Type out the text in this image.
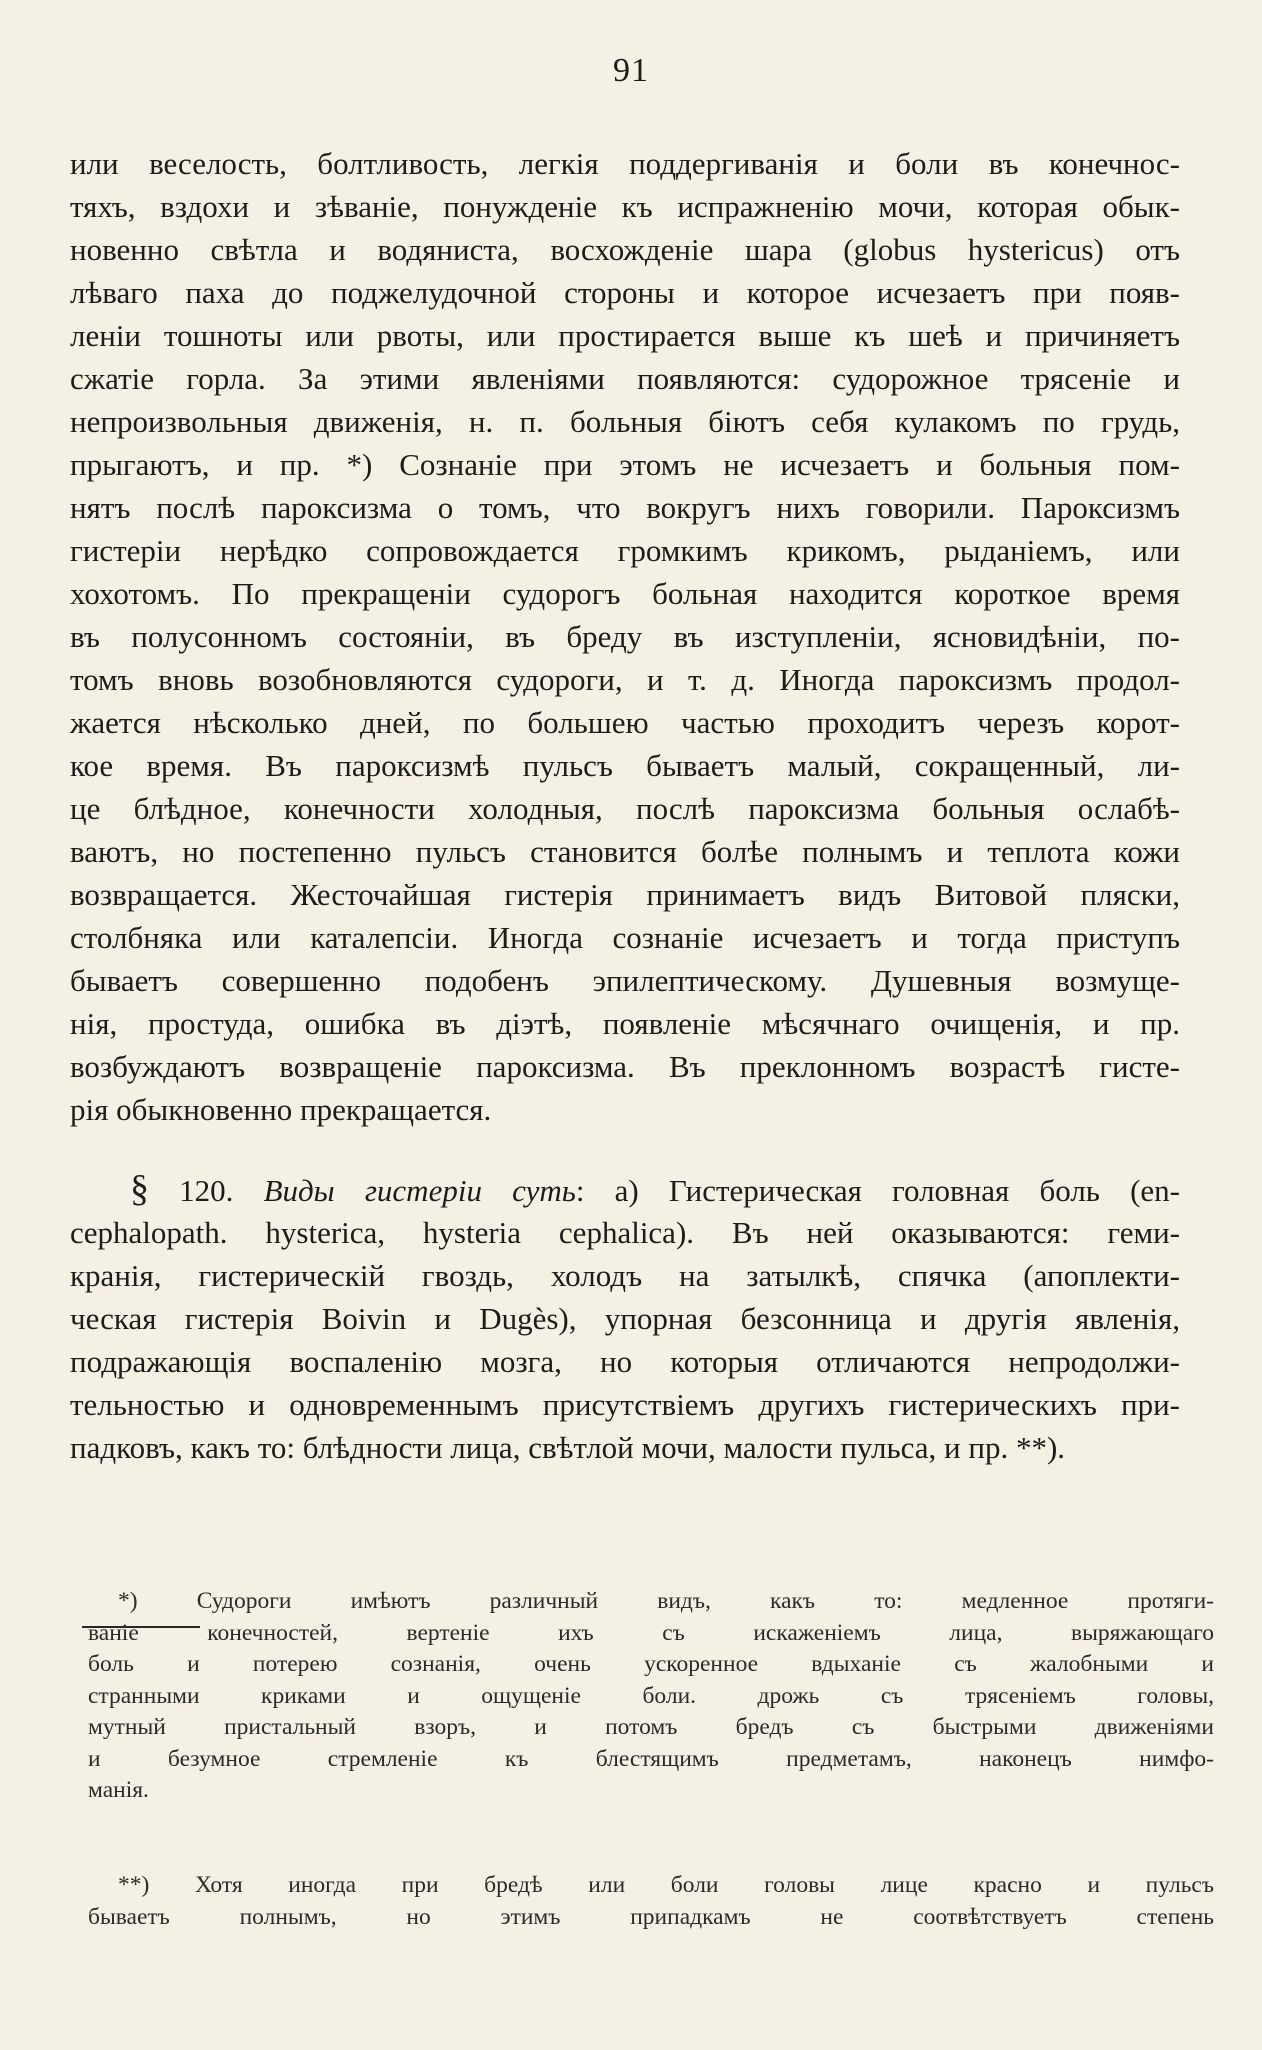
91
или веселость, болтливость, легкія поддергиванія и боли въ конечнос-
тяхъ, вздохи и зѣваніе, понужденіе къ испражненію мочи, которая обык-
новенно свѣтла и водяниста, восхожденіе шара (globus hystericus) отъ
лѣваго паха до поджелудочной стороны и которое исчезаетъ при появ-
леніи тошноты или рвоты, или простирается выше къ шеѣ и причиняетъ
сжатіе горла. За этими явленіями появляются: судорожное трясеніе и
непроизвольныя движенія, н. п. больныя біютъ себя кулакомъ по грудь,
прыгаютъ, и пр. *) Сознаніе при этомъ не исчезаетъ и больныя пом-
нятъ послѣ пароксизма о томъ, что вокругъ нихъ говорили. Пароксизмъ
гистеріи нерѣдко сопровождается громкимъ крикомъ, рыданіемъ, или
хохотомъ. По прекращеніи судорогъ больная находится короткое время
въ полусонномъ состояніи, въ бреду въ изступленіи, ясновидѣніи, по-
томъ вновь возобновляются судороги, и т. д. Иногда пароксизмъ продол-
жается нѣсколько дней, по большею частью проходитъ черезъ корот-
кое время. Въ пароксизмѣ пульсъ бываетъ малый, сокращенный, ли-
це блѣдное, конечности холодныя, послѣ пароксизма больныя ослабѣ-
ваютъ, но постепенно пульсъ становится болѣе полнымъ и теплота кожи
возвращается. Жесточайшая гистерія принимаетъ видъ Витовой пляски,
столбняка или каталепсіи. Иногда сознаніе исчезаетъ и тогда приступъ
бываетъ совершенно подобенъ эпилептическому. Душевныя возмуще-
нія, простуда, ошибка въ діэтѣ, появленіе мѣсячнаго очищенія, и пр.
возбуждаютъ возвращеніе пароксизма. Въ преклонномъ возрастѣ гисте-
рія обыкновенно прекращается.
§ 120. Виды гистеріи суть: а) Гистерическая головная боль (en-
cephalopath. hysterica, hysteria cephalica). Въ ней оказываются: геми-
кранія, гистерическій гвоздь, холодъ на затылкѣ, спячка (апоплекти-
ческая гистерія Boivin и Dugès), упорная безсонница и другія явленія,
подражающія воспаленію мозга, но которыя отличаются непродолжи-
тельностью и одновременнымъ присутствіемъ другихъ гистерическихъ при-
падковъ, какъ то: блѣдности лица, свѣтлой мочи, малости пульса, и пр. **).
*) Судороги имѣютъ различный видъ, какъ то: медленное протяги-
ваніе конечностей, вертеніе ихъ съ искаженіемъ лица, выряжающаго
боль и потерею сознанія, очень ускоренное вдыханіе съ жалобными и
странными криками и ощущеніе боли. дрожь съ трясеніемъ головы,
мутный пристальный взоръ, и потомъ бредъ съ быстрыми движеніями
и безумное стремленіе къ блестящимъ предметамъ, наконецъ нимфо-
манія.
**) Хотя иногда при бредѣ или боли головы лице красно и пульсъ
бываетъ полнымъ, но этимъ припадкамъ не соотвѣтствуетъ степень
